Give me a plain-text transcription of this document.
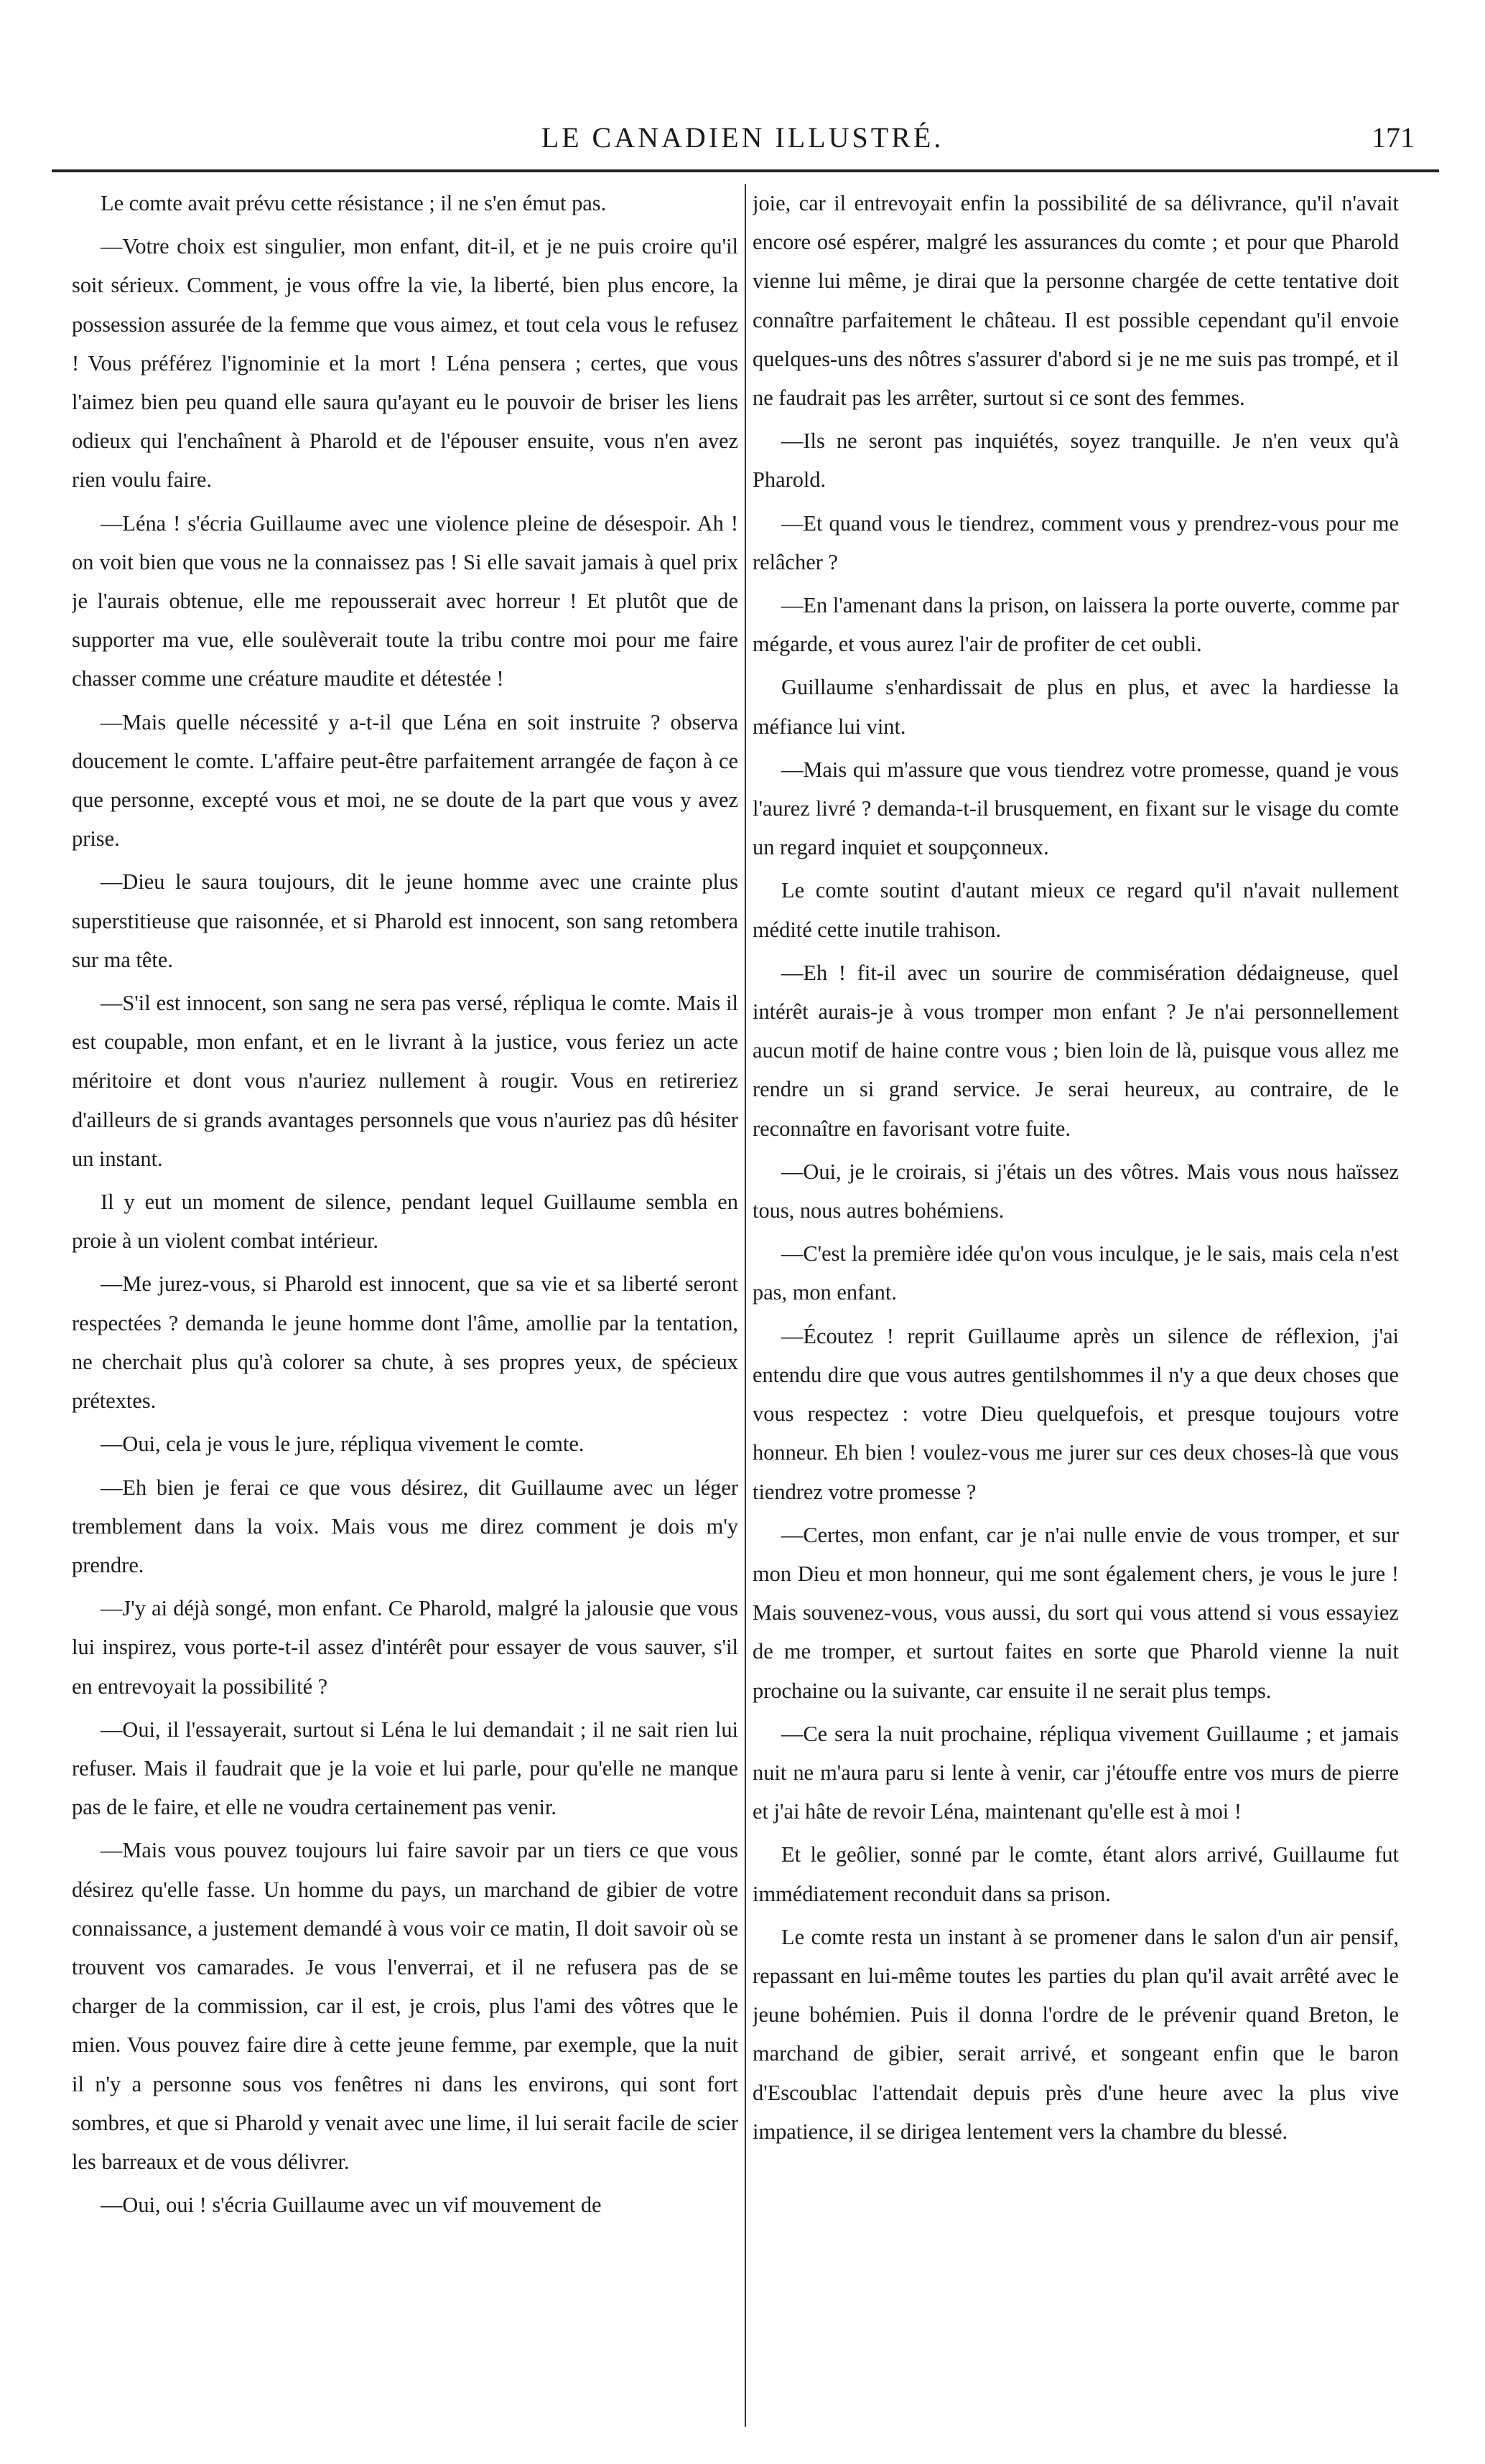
LE CANADIEN ILLUSTRÉ.	171

Le comte avait prévu cette résistance ; il ne s'en émut pas.

—Votre choix est singulier, mon enfant, dit-il, et je ne puis croire qu'il soit sérieux. Comment, je vous offre la vie, la liberté, bien plus encore, la possession assurée de la femme que vous aimez, et tout cela vous le refusez ! Vous préférez l'ignominie et la mort ! Léna pensera ; certes, que vous l'aimez bien peu quand elle saura qu'ayant eu le pouvoir de briser les liens odieux qui l'enchaînent à Pharold et de l'épouser ensuite, vous n'en avez rien voulu faire.

—Léna ! s'écria Guillaume avec une violence pleine de désespoir. Ah ! on voit bien que vous ne la connaissez pas ! Si elle savait jamais à quel prix je l'aurais obtenue, elle me repousserait avec horreur ! Et plutôt que de supporter ma vue, elle soulèverait toute la tribu contre moi pour me faire chasser comme une créature maudite et détestée !

—Mais quelle nécessité y a-t-il que Léna en soit instruite ? observa doucement le comte. L'affaire peut-être parfaitement arrangée de façon à ce que personne, excepté vous et moi, ne se doute de la part que vous y avez prise.

—Dieu le saura toujours, dit le jeune homme avec une crainte plus superstitieuse que raisonnée, et si Pharold est innocent, son sang retombera sur ma tête.

—S'il est innocent, son sang ne sera pas versé, répliqua le comte. Mais il est coupable, mon enfant, et en le livrant à la justice, vous feriez un acte méritoire et dont vous n'auriez nullement à rougir. Vous en retireriez d'ailleurs de si grands avantages personnels que vous n'auriez pas dû hésiter un instant.

Il y eut un moment de silence, pendant lequel Guillaume sembla en proie à un violent combat intérieur.

—Me jurez-vous, si Pharold est innocent, que sa vie et sa liberté seront respectées ? demanda le jeune homme dont l'âme, amollie par la tentation, ne cherchait plus qu'à colorer sa chute, à ses propres yeux, de spécieux prétextes.

—Oui, cela je vous le jure, répliqua vivement le comte.

—Eh bien je ferai ce que vous désirez, dit Guillaume avec un léger tremblement dans la voix. Mais vous me direz comment je dois m'y prendre.

—J'y ai déjà songé, mon enfant. Ce Pharold, malgré la jalousie que vous lui inspirez, vous porte-t-il assez d'intérêt pour essayer de vous sauver, s'il en entrevoyait la possibilité ?

—Oui, il l'essayerait, surtout si Léna le lui demandait ; il ne sait rien lui refuser. Mais il faudrait que je la voie et lui parle, pour qu'elle ne manque pas de le faire, et elle ne voudra certainement pas venir.

—Mais vous pouvez toujours lui faire savoir par un tiers ce que vous désirez qu'elle fasse. Un homme du pays, un marchand de gibier de votre connaissance, a justement demandé à vous voir ce matin, Il doit savoir où se trouvent vos camarades. Je vous l'enverrai, et il ne refusera pas de se charger de la commission, car il est, je crois, plus l'ami des vôtres que le mien. Vous pouvez faire dire à cette jeune femme, par exemple, que la nuit il n'y a personne sous vos fenêtres ni dans les environs, qui sont fort sombres, et que si Pharold y venait avec une lime, il lui serait facile de scier les barreaux et de vous délivrer.

—Oui, oui ! s'écria Guillaume avec un vif mouvement de

joie, car il entrevoyait enfin la possibilité de sa délivrance, qu'il n'avait encore osé espérer, malgré les assurances du comte ; et pour que Pharold vienne lui même, je dirai que la personne chargée de cette tentative doit connaître parfaitement le château. Il est possible cependant qu'il envoie quelques-uns des nôtres s'assurer d'abord si je ne me suis pas trompé, et il ne faudrait pas les arrêter, surtout si ce sont des femmes.

—Ils ne seront pas inquiétés, soyez tranquille. Je n'en veux qu'à Pharold.

—Et quand vous le tiendrez, comment vous y prendrez-vous pour me relâcher ?

—En l'amenant dans la prison, on laissera la porte ouverte, comme par mégarde, et vous aurez l'air de profiter de cet oubli.

Guillaume s'enhardissait de plus en plus, et avec la hardiesse la méfiance lui vint.

—Mais qui m'assure que vous tiendrez votre promesse, quand je vous l'aurez livré ? demanda-t-il brusquement, en fixant sur le visage du comte un regard inquiet et soupçonneux.

Le comte soutint d'autant mieux ce regard qu'il n'avait nullement médité cette inutile trahison.

—Eh ! fit-il avec un sourire de commisération dédaigneuse, quel intérêt aurais-je à vous tromper mon enfant ? Je n'ai personnellement aucun motif de haine contre vous ; bien loin de là, puisque vous allez me rendre un si grand service. Je serai heureux, au contraire, de le reconnaître en favorisant votre fuite.

—Oui, je le croirais, si j'étais un des vôtres. Mais vous nous haïssez tous, nous autres bohémiens.

—C'est la première idée qu'on vous inculque, je le sais, mais cela n'est pas, mon enfant.

—Écoutez ! reprit Guillaume après un silence de réflexion, j'ai entendu dire que vous autres gentilshommes il n'y a que deux choses que vous respectez : votre Dieu quelquefois, et presque toujours votre honneur. Eh bien ! voulez-vous me jurer sur ces deux choses-là que vous tiendrez votre promesse ?

—Certes, mon enfant, car je n'ai nulle envie de vous tromper, et sur mon Dieu et mon honneur, qui me sont également chers, je vous le jure ! Mais souvenez-vous, vous aussi, du sort qui vous attend si vous essayiez de me tromper, et surtout faites en sorte que Pharold vienne la nuit prochaine ou la suivante, car ensuite il ne serait plus temps.

—Ce sera la nuit prochaine, répliqua vivement Guillaume ; et jamais nuit ne m'aura paru si lente à venir, car j'étouffe entre vos murs de pierre et j'ai hâte de revoir Léna, maintenant qu'elle est à moi !

Et le geôlier, sonné par le comte, étant alors arrivé, Guillaume fut immédiatement reconduit dans sa prison.

Le comte resta un instant à se promener dans le salon d'un air pensif, repassant en lui-même toutes les parties du plan qu'il avait arrêté avec le jeune bohémien. Puis il donna l'ordre de le prévenir quand Breton, le marchand de gibier, serait arrivé, et songeant enfin que le baron d'Escoublac l'attendait depuis près d'une heure avec la plus vive impatience, il se dirigea lentement vers la chambre du blessé.
